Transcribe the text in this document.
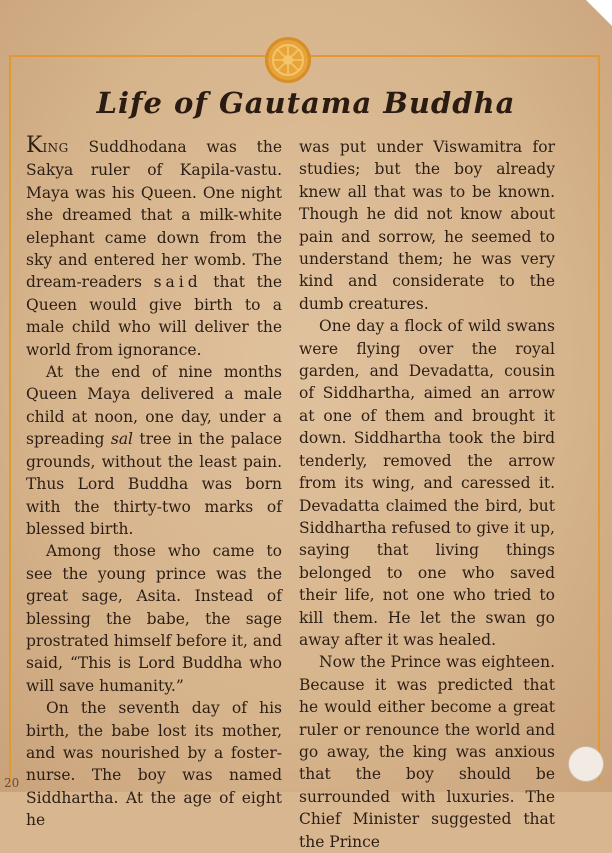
Life of Gautama Buddha

KING Suddhodana was the Sakya ruler of Kapila-vastu. Maya was his Queen. One night she dreamed that a milk-white elephant came down from the sky and entered her womb. The dream-readers said that the Queen would give birth to a male child who will deliver the world from ignorance.

At the end of nine months Queen Maya delivered a male child at noon, one day, under a spreading sal tree in the palace grounds, without the least pain. Thus Lord Buddha was born with the thirty-two marks of blessed birth.

Among those who came to see the young prince was the great sage, Asita. Instead of blessing the babe, the sage prostrated himself before it, and said, “This is Lord Buddha who will save humanity.”

On the seventh day of his birth, the babe lost its mother, and was nourished by a foster-nurse. The boy was named Siddhartha. At the age of eight he

was put under Viswamitra for studies; but the boy already knew all that was to be known. Though he did not know about pain and sorrow, he seemed to understand them; he was very kind and considerate to the dumb creatures.

One day a flock of wild swans were flying over the royal garden, and Devadatta, cousin of Siddhartha, aimed an arrow at one of them and brought it down. Siddhartha took the bird tenderly, removed the arrow from its wing, and caressed it. Devadatta claimed the bird, but Siddhartha refused to give it up, saying that living things belonged to one who saved their life, not one who tried to kill them. He let the swan go away after it was healed.

Now the Prince was eighteen. Because it was predicted that he would either become a great ruler or renounce the world and go away, the king was anxious that the boy should be surrounded with luxuries. The Chief Minister suggested that the Prince

20
